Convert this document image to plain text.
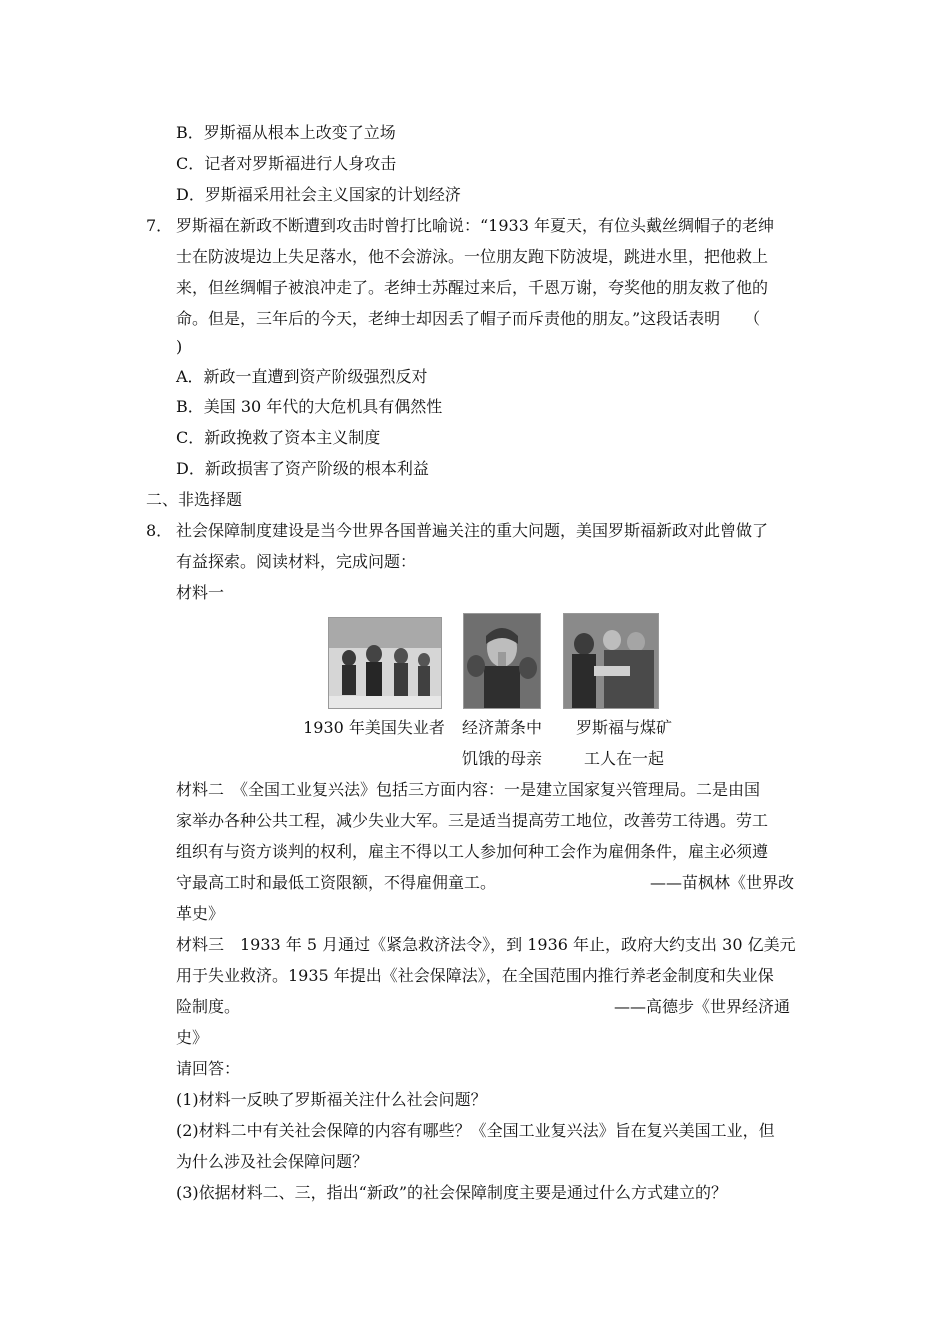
B．罗斯福从根本上改变了立场
C．记者对罗斯福进行人身攻击
D．罗斯福采用社会主义国家的计划经济
7． 罗斯福在新政不断遭到攻击时曾打比喻说：“1933 年夏天，有位头戴丝绸帽子的老绅
士在防波堤边上失足落水，他不会游泳。一位朋友跑下防波堤，跳进水里，把他救上
来，但丝绸帽子被浪冲走了。老绅士苏醒过来后，千恩万谢，夸奖他的朋友救了他的
命。但是，三年后的今天，老绅士却因丢了帽子而斥责他的朋友。”这段话表明　　（
)
A．新政一直遭到资产阶级强烈反对
B．美国 30 年代的大危机具有偶然性
C．新政挽救了资本主义制度
D．新政损害了资产阶级的根本利益
二、非选择题
8． 社会保障制度建设是当今世界各国普遍关注的重大问题，美国罗斯福新政对此曾做了
有益探索。阅读材料，完成问题：
材料一
1930 年美国失业者	经济萧条中
饥饿的母亲
罗斯福与煤矿
工人在一起
材料二　《全国工业复兴法》包括三方面内容：一是建立国家复兴管理局。二是由国
家举办各种公共工程，减少失业大军。三是适当提高劳工地位，改善劳工待遇。劳工
组织有与资方谈判的权利，雇主不得以工人参加何种工会作为雇佣条件，雇主必须遵
守最高工时和最低工资限额，不得雇佣童工。	——苗枫林《世界改
革史》
材料三　1933 年 5 月通过《紧急救济法令》，到 1936 年止，政府大约支出 30 亿美元
用于失业救济。1935 年提出《社会保障法》，在全国范围内推行养老金制度和失业保
险制度。	——高德步《世界经济通
史》
请回答：
(1)材料一反映了罗斯福关注什么社会问题？
(2)材料二中有关社会保障的内容有哪些？《全国工业复兴法》旨在复兴美国工业，但
为什么涉及社会保障问题？
(3)依据材料二、三，指出“新政”的社会保障制度主要是通过什么方式建立的？
